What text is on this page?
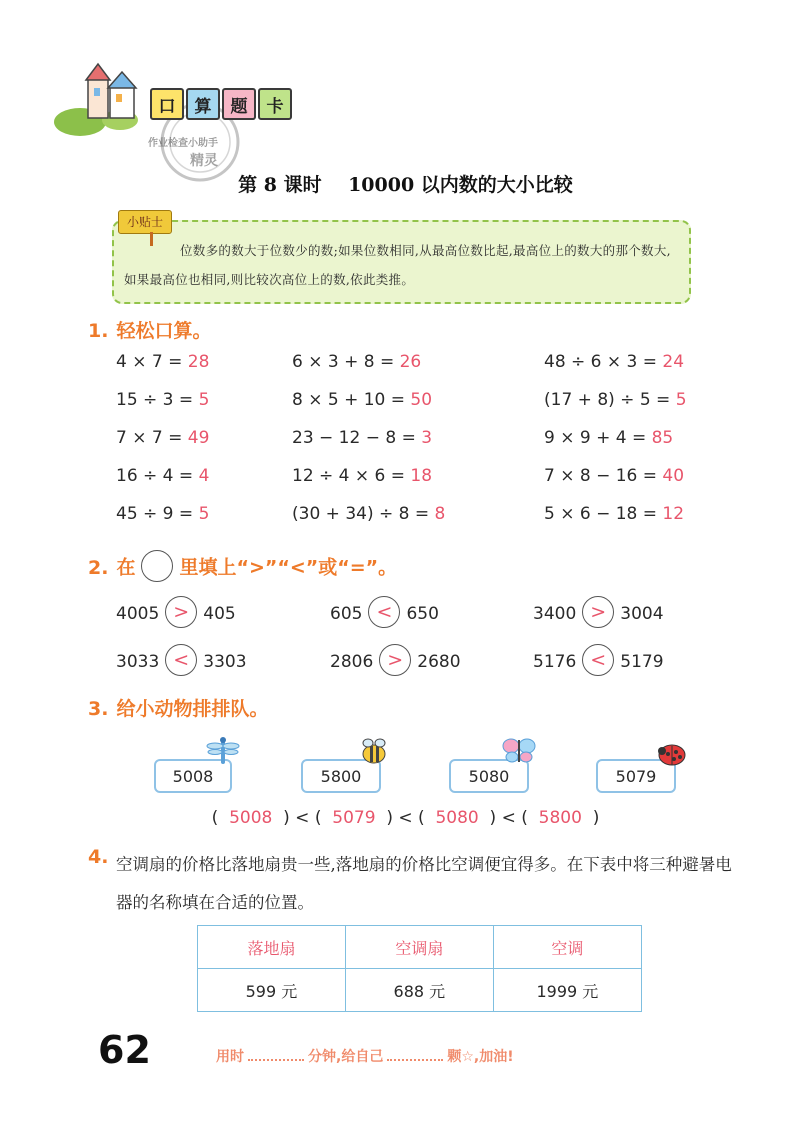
口	算	题	卡
作业检查小助手
精灵
第 8 课时    10000 以内数的大小比较
小贴士
位数多的数大于位数少的数;如果位数相同,从最高位数比起,最高位上的数大的那个数大,如果最高位也相同,则比较次高位上的数,依此类推。
1. 轻松口算。
4 × 7 = 28	6 × 3 + 8 = 26	48 ÷ 6 × 3 = 24
15 ÷ 3 = 5	8 × 5 + 10 = 50	(17 + 8) ÷ 5 = 5
7 × 7 = 49	23 − 12 − 8 = 3	9 × 9 + 4 = 85
16 ÷ 4 = 4	12 ÷ 4 × 6 = 18	7 × 8 − 16 = 40
45 ÷ 9 = 5	(30 + 34) ÷ 8 = 8	5 × 6 − 18 = 12
2. 在 里填上“>”“<”或“=”。
4005 > 405	605 < 650	3400 > 3004
3033 < 3303	2806 > 2680	5176 < 5179
3. 给小动物排排队。
5008	5800	5080	5079
(  5008  ) < (  5079  ) < (  5080  ) < (  5800  )
4. 空调扇的价格比落地扇贵一些,落地扇的价格比空调便宜得多。在下表中将三种避暑电器的名称填在合适的位置。
落地扇	空调扇	空调
599 元	688 元	1999 元
62	用时	分钟,给自己	颗☆,加油!
